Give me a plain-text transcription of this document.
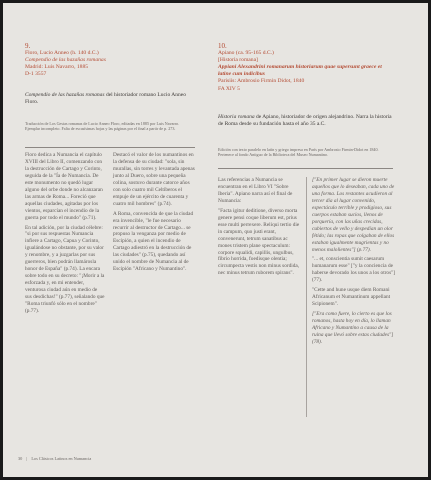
9.
Floro, Lucio Anneo (h. 140 d.C.)
Compendio de las hazañas romanas
Madrid: Luis Navarro, 1885
D-1 3557
Compendio de las hazañas romanas del historiador romano Lucio Anneo Floro.
Traducción de Los Gestas romanas de Lucio Anneo Floro, editadas en 1885 por Luis Navarro. Ejemplar incompleto. Falta de escasísimas hojas y las páginas por el final a partir de p. 273.

Floro dedica a Numancia el capítulo XVIII del Libro II, comenzando con la destrucción de Cartago y Corinto, seguida de la "Ía de Numancia. De este monumento no quedó lugar alguno del orbe donde no alcanzaran las armas de Roma... Foreció que aquellas ciudades, agitadas por los vientos, esparcían el incendio de la guerra por todo el mundo" (p.71).

En tal adición, por la ciudad célebre: "si por sus respuestas Numancia infiere a Cartago, Capua y Corinto, igualándose no obstante, por su valor y renombre, y a juzgarlas por sus guerreros, bien podrán llamárosla honor de España" (p.74). La encara sobre todo en su decreto: "¡Morir a la esforzada y, en mi entender, venturosa ciudad aún en medio de sus desdichas!" (p.77), señalando que "Roma triunfó sólo en el nombre" (p.77).

Destacó el valor de los numantinos en la defensa de su ciudad: "sola, sin murallas, sin torres y levantada apenas junto al Duero, sobre una pequeña colina, sostuvo durante catorce años con solo cuatro mil Celtíberos el empuje de un ejército de cuarenta y cuatro mil hombres" (p.74).

A Roma, convencida de que la ciudad era invencible, "le fue necesario recurrir al destructor de Cartago... se propuso la venganza por medio de Escipión, a quien el incendio de Cartago adiestró en la destrucción de las ciudades" (p.75), quedando así unido el nombre de Numancia al de Escipión "Africano y Numantino".

10.
Apiano (ca. 95-165 d.C.)
[Historia romana]
Appiani Alexandrini romanarum historiarum quae supersunt graece et latine cum indicibus
Parisiis: Ambrosio Firmin Didot, 1840
FA XIV 5
Historia romana de Apiano, historiador de origen alejandrino. Narra la historia de Roma desde su fundación hasta el año 35 a.C.
Edición con texto paralelo en latín y griego impresa en París por Ambrosio Firmin-Didot en 1840. Pertenece al fondo Antiguo de la Biblioteca del Museo Numantino.

Las referencias a Numancia se encuentran en el Libro VI "Sobre Iberia". Apiano narra así el final de Numancia:

"Facta igitur deditione, diverso morta genere pensi coque liberum est, prius esse multi perrexere. Reliqui tertio die in campum, quo justi erant, convenerunt, tetrum sanatibus ac mones tristem plane spectaculum: corpore squalidi, capillis, ungulbus, fibrio horrida, foedisque olentia; circumpecta vestis non minus sordida, nec minus tetrum ruborem spirans".

["En primer lugar se dieron muerte aquellos que lo deseaban, cada uno de una forma. Los restantes acudieron al tercer día al lugar convenido, espectáculo terrible y prodigioso, sus cuerpos estaban sucios, llenos de porquería, con las uñas crecidas, cubiertos de vello y despedían un olor fétido; las ropas que colgaban de ellos estaban igualmente mugrientas y no menos malolientes"] (p.77).

"... et, conscientia sumit caesarum humanarum esse" ["y la conciencia de haberse devorado los unos a los otros"] (77).

"Cette and hune usque diem Romani Africanum et Numantinum appellant Scipionem".

["Era como fuere, lo cierto es que los romanos, hasta hoy en día, lo llaman Africano y Numantino a causa de la ruina que llevó sobre estas ciudades"] (78).

30 | Los Clásicos Latinos en Numancia
